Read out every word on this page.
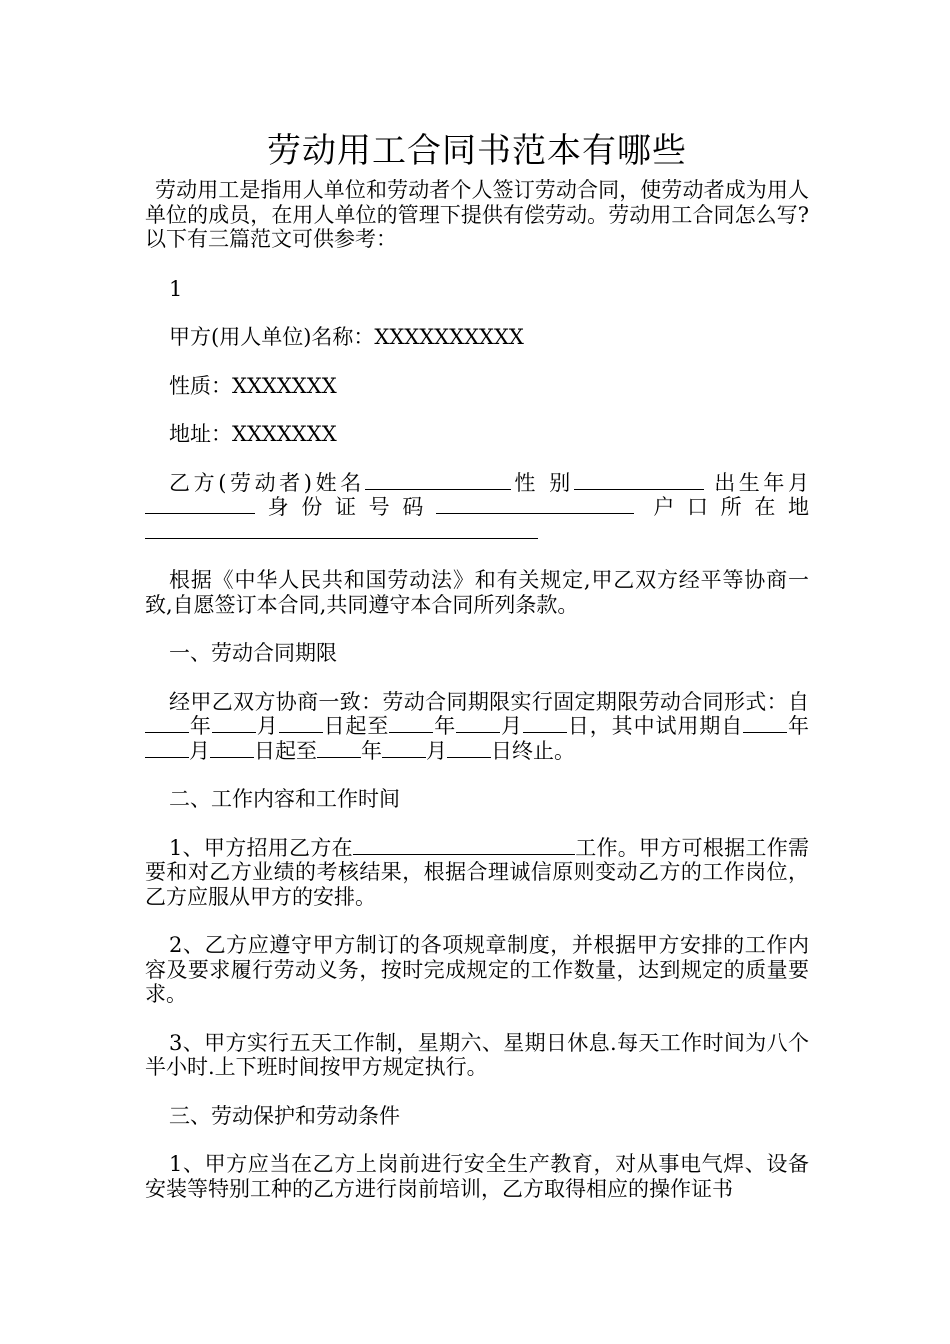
劳动用工合同书范本有哪些

劳动用工是指用人单位和劳动者个人签订劳动合同，使劳动者成为用人单位的成员，在用人单位的管理下提供有偿劳动。劳动用工合同怎么写?以下有三篇范文可供参考：

1

甲方(用人单位)名称：XXXXXXXXXX

性质：XXXXXXX

地址：XXXXXXX

乙方(劳动者)姓名	性 别	出生年月身份证号码	户口所在地

根据《中华人民共和国劳动法》和有关规定,甲乙双方经平等协商一致,自愿签订本合同,共同遵守本合同所列条款。

一、劳动合同期限

经甲乙双方协商一致：劳动合同期限实行固定期限劳动合同形式：自年 月 日起至 年 月 日，其中试用期自 年月 日起至 年 月 日终止。

二、工作内容和工作时间

1、甲方招用乙方在	工作。甲方可根据工作需要和对乙方业绩的考核结果，根据合理诚信原则变动乙方的工作岗位，乙方应服从甲方的安排。

2、乙方应遵守甲方制订的各项规章制度，并根据甲方安排的工作内容及要求履行劳动义务，按时完成规定的工作数量，达到规定的质量要求。

3、甲方实行五天工作制，星期六、星期日休息.每天工作时间为八个半小时.上下班时间按甲方规定执行。

三、劳动保护和劳动条件

1、甲方应当在乙方上岗前进行安全生产教育，对从事电气焊、设备安装等特别工种的乙方进行岗前培训，乙方取得相应的操作证书
